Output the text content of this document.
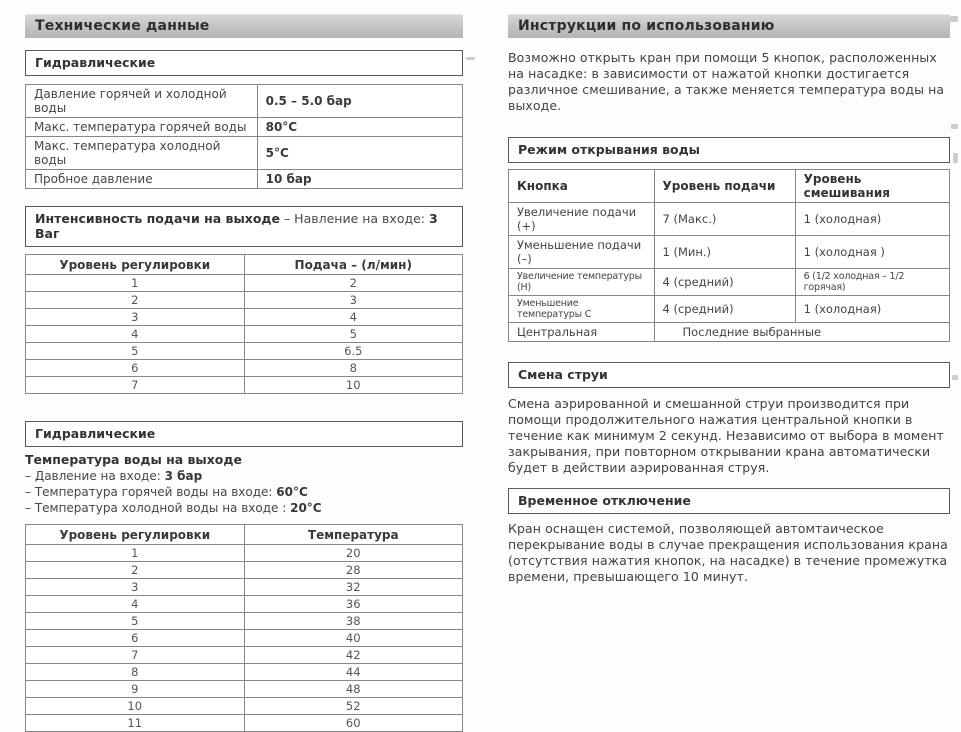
Технические данные
Гидравлические
Давление горячей и холодной воды	0.5 – 5.0 бар
Макс. температура горячей воды	80°C
Макс. температура холодной воды	5°C
Пробное давление	10 бар
Интенсивность подачи на выходе – Навление на входе: 3 Ваг
Уровень регулировки	Подача – (л/мин)
1	2
2	3
3	4
4	5
5	6.5
6	8
7	10
Гидравлические
Температура воды на выходе
– Давление на входе: 3 бар
– Температура горячей воды на входе: 60°C
– Температура холодной воды на входе : 20°C
Уровень регулировки	Температура
1	20
2	28
3	32
4	36
5	38
6	40
7	42
8	44
9	48
10	52
11	60
Инструкции по использованию

Возможно открыть кран при помощи 5 кнопок, расположенных на насадке: в зависимости от нажатой кнопки достигается различное смешивание, а также меняется температура воды на выходе.

Режим открывания воды
Кнопка	Уровень подачи	Уровень смешивания
Увеличение подачи (+)	7 (Макс.)	1 (холодная)
Уменьшение подачи (–)	1 (Мин.)	1 (холодная )
Увеличение температуры (Н)	4 (средний)	6 (1/2 холодная – 1/2 горячая)
Уменьшение температуры С	4 (средний)	1 (холодная)
Центральная	Последние выбранные	
Смена струи

Смена аэрированной и смешанной струи производится при помощи продолжительного нажатия центральной кнопки в течение как минимум 2 секунд. Независимо от выбора в момент закрывания, при повторном открывании крана автоматически будет в действии аэрированная струя.

Временное отключение

Кран оснащен системой, позволяющей автомтаическое перекрывание воды в случае прекращения использования крана (отсутствия нажатия кнопок, на насадке) в течение промежутка времени, превышающего 10 минут.
